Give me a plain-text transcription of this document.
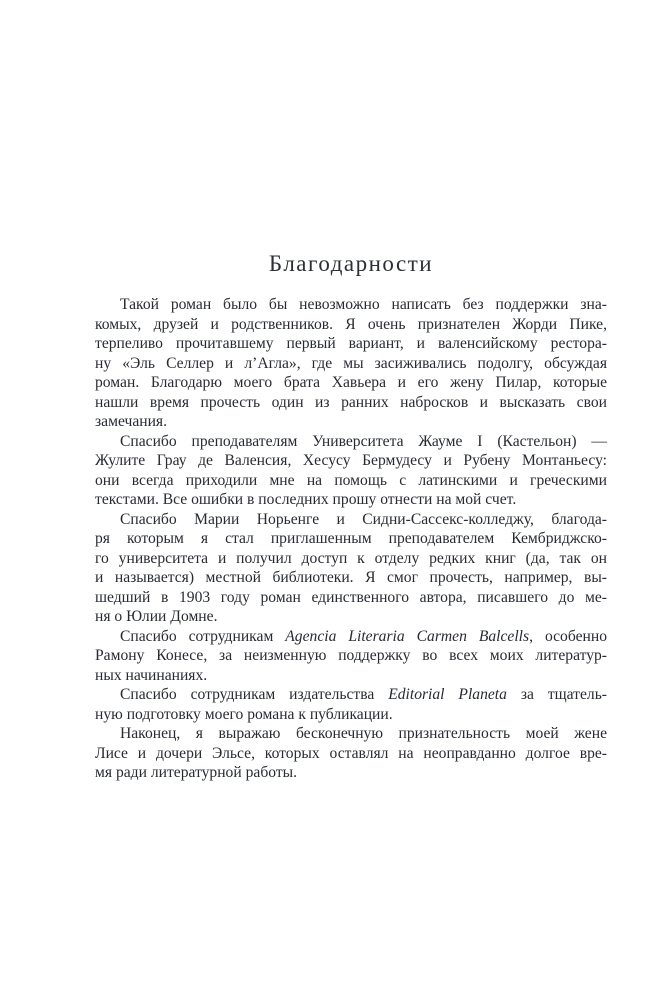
Благодарности

Такой роман было бы невозможно написать без поддержки зна-
комых, друзей и родственников. Я очень признателен Жорди Пике,
терпеливо прочитавшему первый вариант, и валенсийскому рестора-
ну «Эль Селлер и л’Агла», где мы засиживались подолгу, обсуждая
роман. Благодарю моего брата Хавьера и его жену Пилар, которые
нашли время прочесть один из ранних набросков и высказать свои
замечания.

Спасибо преподавателям Университета Жауме I (Кастельон) —
Жулите Грау де Валенсия, Хесусу Бермудесу и Рубену Монтаньесу:
они всегда приходили мне на помощь с латинскими и греческими
текстами. Все ошибки в последних прошу отнести на мой счет.

Спасибо Марии Норьенге и Сидни-Сассекс-колледжу, благода-
ря которым я стал приглашенным преподавателем Кембриджско-
го университета и получил доступ к отделу редких книг (да, так он
и называется) местной библиотеки. Я смог прочесть, например, вы-
шедший в 1903 году роман единственного автора, писавшего до ме-
ня о Юлии Домне.

Спасибо сотрудникам Agencia Literaria Carmen Balcells, особенно
Рамону Конесе, за неизменную поддержку во всех моих литератур-
ных начинаниях.

Спасибо сотрудникам издательства Editorial Planeta за тщатель-
ную подготовку моего романа к публикации.

Наконец, я выражаю бесконечную признательность моей жене
Лисе и дочери Эльсе, которых оставлял на неоправданно долгое вре-
мя ради литературной работы.
